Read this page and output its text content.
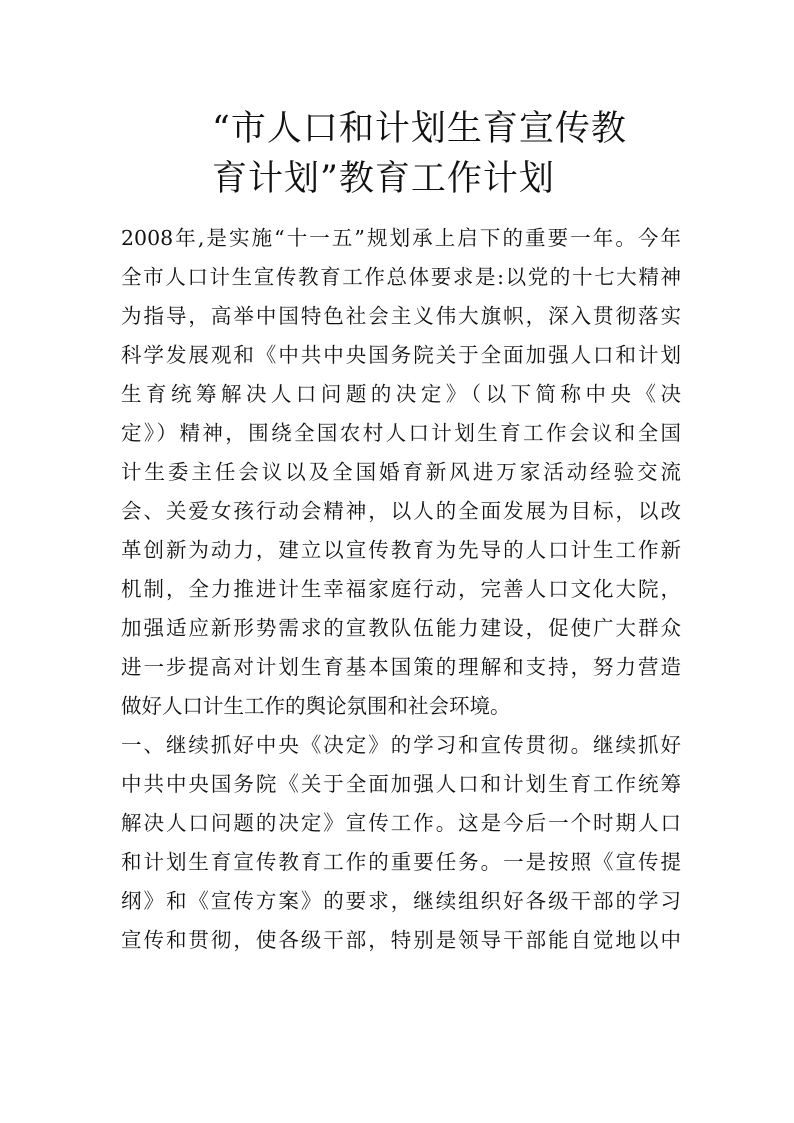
“市人口和计划生育宣传教
育计划”教育工作计划

2008年,是实施“十一五”规划承上启下的重要一年。今年

全市人口计生宣传教育工作总体要求是:以党的十七大精神

为指导，高举中国特色社会主义伟大旗帜，深入贯彻落实

科学发展观和《中共中央国务院关于全面加强人口和计划

生育统筹解决人口问题的决定》（以下简称中央《决

定》）精神，围绕全国农村人口计划生育工作会议和全国

计生委主任会议以及全国婚育新风进万家活动经验交流

会、关爱女孩行动会精神，以人的全面发展为目标，以改

革创新为动力，建立以宣传教育为先导的人口计生工作新

机制，全力推进计生幸福家庭行动，完善人口文化大院，

加强适应新形势需求的宣教队伍能力建设，促使广大群众

进一步提高对计划生育基本国策的理解和支持，努力营造

做好人口计生工作的舆论氛围和社会环境。

一、继续抓好中央《决定》的学习和宣传贯彻。继续抓好

中共中央国务院《关于全面加强人口和计划生育工作统筹

解决人口问题的决定》宣传工作。这是今后一个时期人口

和计划生育宣传教育工作的重要任务。一是按照《宣传提

纲》和《宣传方案》的要求，继续组织好各级干部的学习

宣传和贯彻，使各级干部，特别是领导干部能自觉地以中
